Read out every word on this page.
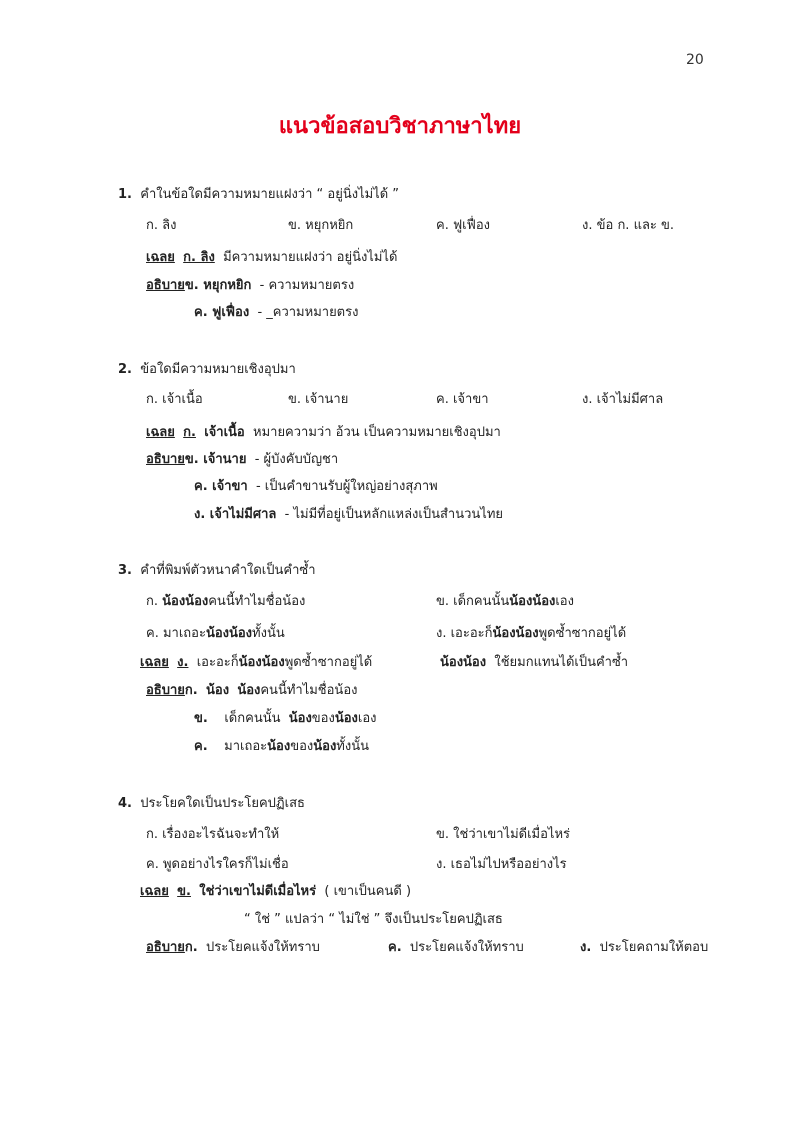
20
แนวข้อสอบวิชาภาษาไทย
1. คำในข้อใดมีความหมายแฝงว่า “ อยู่นิ่งไม่ได้ ”
ก. ลิง	ข. หยุกหยิก	ค. ฟูเฟื่อง	ง. ข้อ ก. และ ข.
เฉลย ก. ลิง มีความหมายแฝงว่า อยู่นิ่งไม่ได้
อธิบายข. หยุกหยิก - ความหมายตรง
ค. ฟูเฟื่อง - _ความหมายตรง
2. ข้อใดมีความหมายเชิงอุปมา
ก. เจ้าเนื้อ	ข. เจ้านาย	ค. เจ้าขา	ง. เจ้าไม่มีศาล
เฉลย ก. เจ้าเนื้อ หมายความว่า อ้วน เป็นความหมายเชิงอุปมา
อธิบายข. เจ้านาย - ผู้บังคับบัญชา
ค. เจ้าขา - เป็นคำขานรับผู้ใหญ่อย่างสุภาพ
ง. เจ้าไม่มีศาล - ไม่มีที่อยู่เป็นหลักแหล่งเป็นสำนวนไทย
3. คำที่พิมพ์ตัวหนาคำใดเป็นคำซ้ำ
ก. น้องน้องคนนี้ทำไมชื่อน้อง	ข. เด็กคนนั้นน้องน้องเอง
ค. มาเถอะน้องน้องทั้งนั้น	ง. เอะอะก็น้องน้องพูดซ้ำซากอยู่ได้
เฉลย ง. เอะอะก็น้องน้องพูดซ้ำซากอยู่ได้	น้องน้อง ใช้ยมกแทนได้เป็นคำซ้ำ
อธิบายก. น้อง น้องคนนี้ทำไมชื่อน้อง
ข. เด็กคนนั้น น้องของน้องเอง
ค. มาเถอะน้องของน้องทั้งนั้น
4. ประโยคใดเป็นประโยคปฏิเสธ
ก. เรื่องอะไรฉันจะทำให้	ข. ใช่ว่าเขาไม่ดีเมื่อไหร่
ค. พูดอย่างไรใครก็ไม่เชื่อ	ง. เธอไม่ไปหรืออย่างไร
เฉลย ข. ใช่ว่าเขาไม่ดีเมื่อไหร่ ( เขาเป็นคนดี )
“ ใช่ ” แปลว่า “ ไม่ใช่ ” จึงเป็นประโยคปฏิเสธ
อธิบายก. ประโยคแจ้งให้ทราบ	ค. ประโยคแจ้งให้ทราบ	ง. ประโยคถามให้ตอบ
